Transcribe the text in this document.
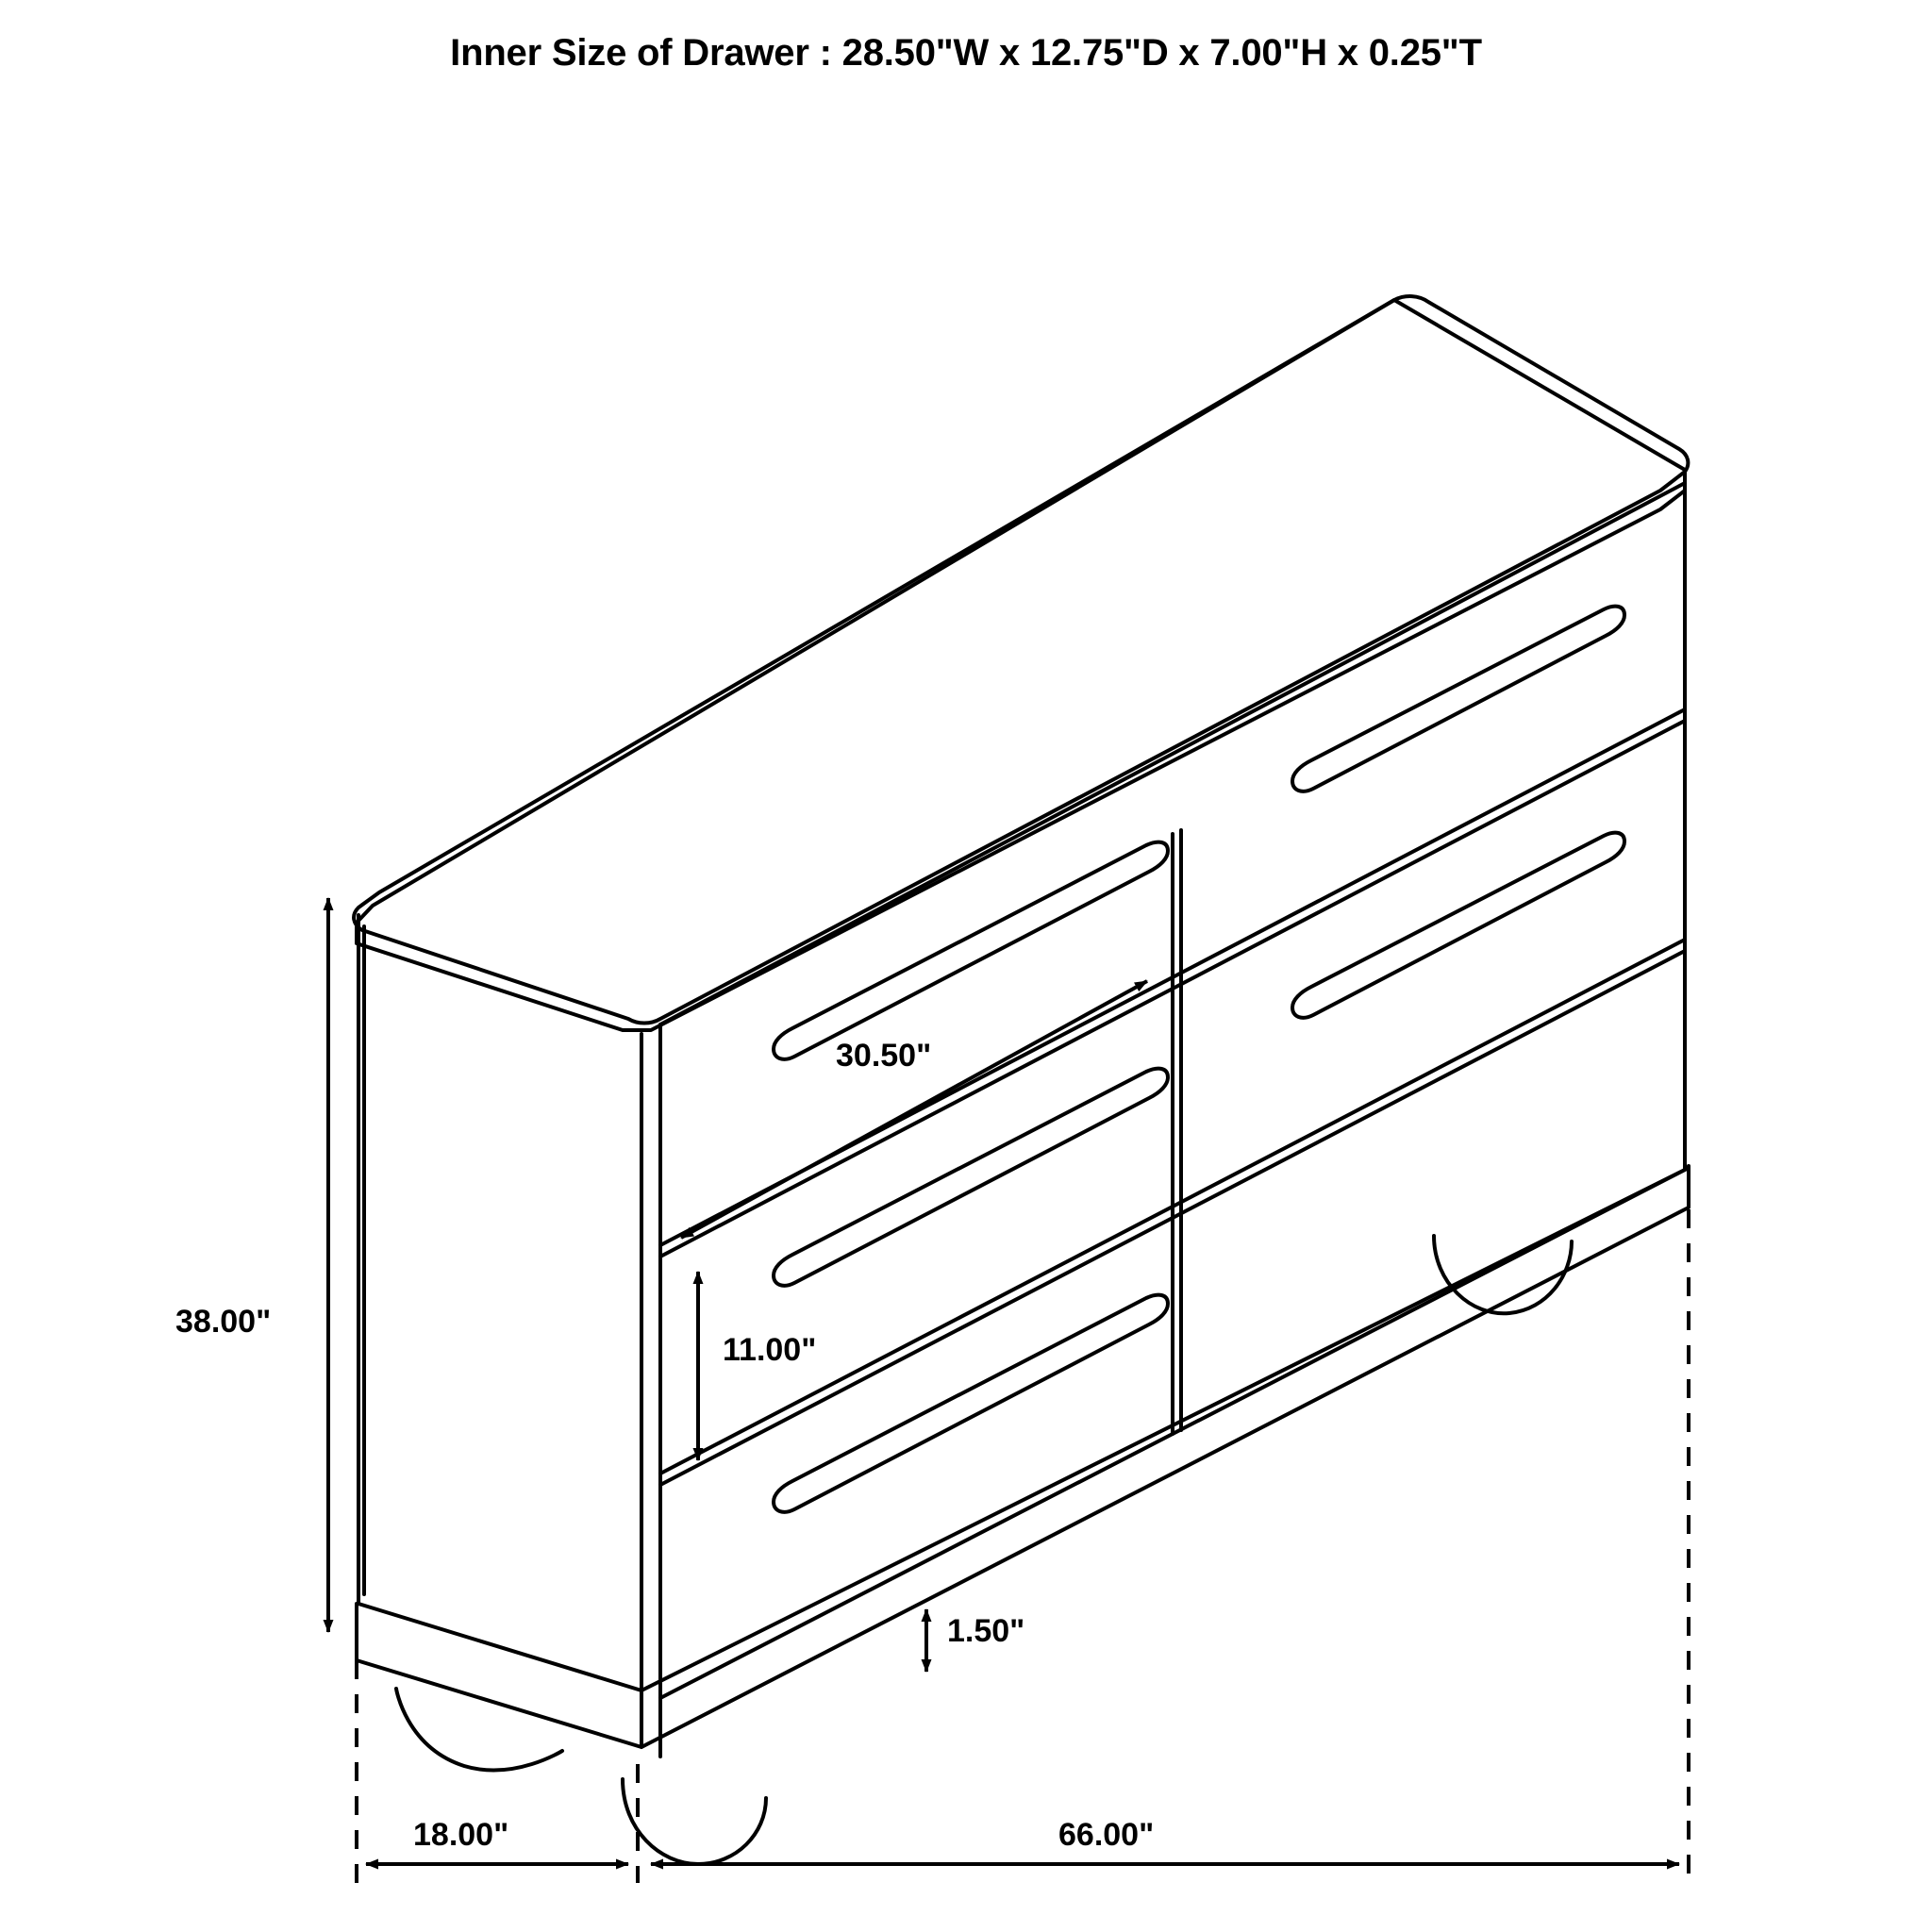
Inner Size of Drawer : 28.50"W x 12.75"D x 7.00"H x 0.25"T
38.00"
30.50"
11.00"
1.50"
18.00"	66.00"
